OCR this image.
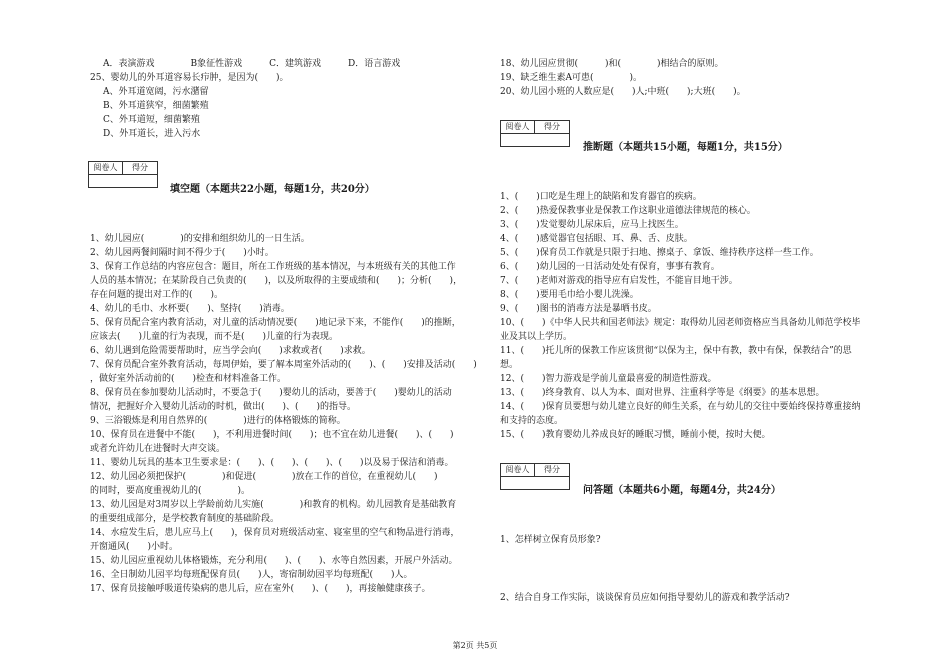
A．表演游戏　　　　B象征性游戏　　　C．建筑游戏　　　D．语言游戏
25、婴幼儿的外耳道容易长疖肿，是因为(　　)。
A、外耳道宽阔，污水潴留
B、外耳道狭窄，细菌繁殖
C、外耳道短，细菌繁殖
D、外耳道长，进入污水
阅卷人	得分
填空题（本题共22小题，每题1分，共20分）
1、幼儿园应(　　　　)的安排和组织幼儿的一日生活。
2、幼儿园两餐间隔时间不得少于(　　)小时。
3、保育工作总结的内容应包含：题目，所在工作班级的基本情况，与本班级有关的其他工作
人员的基本情况；在某阶段自己负责的(　　)，以及所取得的主要成绩和(　　)；分析(　　)，
存在问题的提出对工作的(　　)。
4、幼儿的毛巾、水杯要(　　)、坚持(　　)消毒。
5、保育员配合室内教育活动，对儿童的活动情况要(　　)地记录下来，不能作(　　)的推断，
应该去(　　)儿童的行为表现，而不是(　　)儿童的行为表现。
6、幼儿遇到危险需要帮助时，应当学会向(　　)求救或者(　　)求救。
7、保育员配合室外教育活动，每周伊始，要了解本周室外活动的(　　)、(　　)安排及活动(　　)
，做好室外活动前的(　　)检查和材料准备工作。
8、保育员在参加婴幼儿活动时，不要急于(　　)婴幼儿的活动，要善于(　　)婴幼儿的活动
情况，把握好介入婴幼儿活动的时机，做出(　　)、(　　)的指导。
9、三浴锻炼是利用自然界的(　　　　)进行的体格锻炼的简称。
10、保育员在进餐中不能(　　)，不利用进餐时间(　　)；也不宜在幼儿进餐(　　)、(　　)
或者允许幼儿在进餐时大声交谈。
11、婴幼儿玩具的基本卫生要求是：(　　)、(　　)、(　　)、(　　)以及易于保洁和消毒。
12、幼儿园必须把保护(　　　　)和促进(　　　　)放在工作的首位，在重视幼儿(　　)
的同时，要高度重视幼儿的(　　　　)。
13、幼儿园是对3周岁以上学龄前幼儿实施(　　　　)和教育的机构。幼儿园教育是基础教育
的重要组成部分，是学校教育制度的基础阶段。
14、水痘发生后，患儿应马上(　　)，保育员对班级活动室、寝室里的空气和物品进行消毒，
开窗通风(　　)小时。
15、幼儿园应重视幼儿体格锻炼，充分利用(　　)、(　　)、水等自然因素，开展户外活动。
16、全日制幼儿园平均每班配保育员(　　)人，寄宿制幼园平均每班配(　　)人。
17、保育员接触呼吸道传染病的患儿后，应在室外(　　)、(　　)，再接触健康孩子。
18、幼儿园应贯彻(　　　)和(　　　　)相结合的原则。
19、缺乏维生素A可患(　　　　)。
20、幼儿园小班的人数应是(　　)人;中班(　　);大班(　　)。
阅卷人	得分
推断题（本题共15小题，每题1分，共15分）
1、(　　)口吃是生理上的缺陷和发育器官的疾病。
2、(　　)热爱保教事业是保教工作这职业道德法律规范的核心。
3、(　　)发觉婴幼儿尿床后，应马上找医生。
4、(　　)感觉器官包括眼、耳、鼻、舌、皮肤。
5、(　　)保育员工作就是只限于扫地、擦桌子、拿饭、维持秩序这样一些工作。
6、(　　)幼儿园的一日活动处处有保育，事事有教育。
7、(　　)老师对游戏的指导应有启发性，不能盲目地干涉。
8、(　　)要用毛巾给小婴儿洗澡。
9、(　　)图书的消毒方法是暴晒书皮。
10、(　　)《中华人民共和国老师法》规定：取得幼儿园老师资格应当具备幼儿师范学校毕
业及其以上学历。
11、(　　)托儿所的保教工作应该贯彻“以保为主，保中有教，教中有保，保教结合”的思
想。
12、(　　)智力游戏是学前儿童最喜爱的制造性游戏。
13、(　　)终身教育、以人为本、面对世界、注重科学等是《纲要》的基本思想。
14、(　　)保育员要想与幼儿建立良好的师生关系，在与幼儿的交往中要始终保持尊重接纳
和支持的态度。
15、(　　)教育婴幼儿养成良好的睡眠习惯，睡前小便，按时大便。
阅卷人	得分
问答题（本题共6小题，每题4分，共24分）
1、怎样树立保育员形象?
2、结合自身工作实际，谈谈保育员应如何指导婴幼儿的游戏和教学活动?
第2页 共5页
